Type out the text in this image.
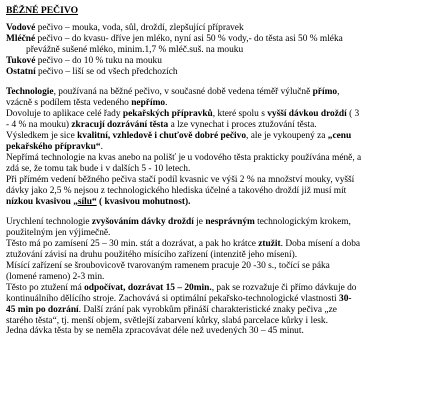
BĚŽNÉ PEČIVO
Vodové pečivo – mouka, voda, sůl, droždí, zlepšující přípravek
Mléčné pečivo – do kvasu- dříve jen mléko, nyní asi 50 % vody,- do těsta asi 50 % mléka
převážně sušené mléko, minim.1,7 % mléč.suš. na mouku
Tukové pečivo – do 10 % tuku na mouku
Ostatní pečivo – liší se od všech předchozích
Technologie, používaná na běžné pečivo, v současné době vedena téměř výlučně přímo,
vzácně s podílem těsta vedeného nepřímo.
Dovoluje to aplikace celé řady pekařských přípravků, které spolu s vyšší dávkou droždí ( 3
- 4 % na mouku) zkracují dozrávání těsta a lze vynechat i proces ztužování těsta.
Výsledkem je sice kvalitní, vzhledově i chuťově dobré pečivo, ale je vykoupený za „cenu
pekařského přípravku“.
Nepřímá technologie na kvas anebo na polišť je u vodového těsta prakticky používána méně, a
zdá se, že tomu tak bude i v dalších 5 - 10 letech.
Při přímém vedení běžného pečiva stačí podíl kvasnic ve výši 2 % na množství mouky, vyšší
dávky jako 2,5 % nejsou z technologického hlediska účelné a takového droždí již musí mít
nízkou kvasivou „sílu“ ( kvasivou mohutnost).
Urychlení technologie zvyšováním dávky droždí je nesprávným technologickým krokem,
použitelným jen výjimečně.
Těsto má po zamísení 25 – 30 min. stát a dozrávat, a pak ho krátce ztužit. Doba mísení a doba
ztužování závisí na druhu použitého mísícího zařízení (intenzitě jeho mísení).
Mísící zařízení se šroubovicově tvarovaným ramenem pracuje 20 -30 s., točící se páka
(lomené rameno) 2-3 min.
Těsto po ztužení má odpočívat, dozrávat 15 – 20min., pak se rozvažuje či přímo dávkuje do
kontinuálního dělícího stroje. Zachovává si optimální pekařsko-technologické vlastnosti 30-
45 min po dozrání. Další zrání pak vyrobkům přináší charakteristické znaky pečiva „ze
starého těsta“, tj. menší objem, světlejší zabarvení kůrky, slabá parcelace kůrky i lesk.
Jedna dávka těsta by se neměla zpracovávat déle než uvedených 30 – 45 minut.
